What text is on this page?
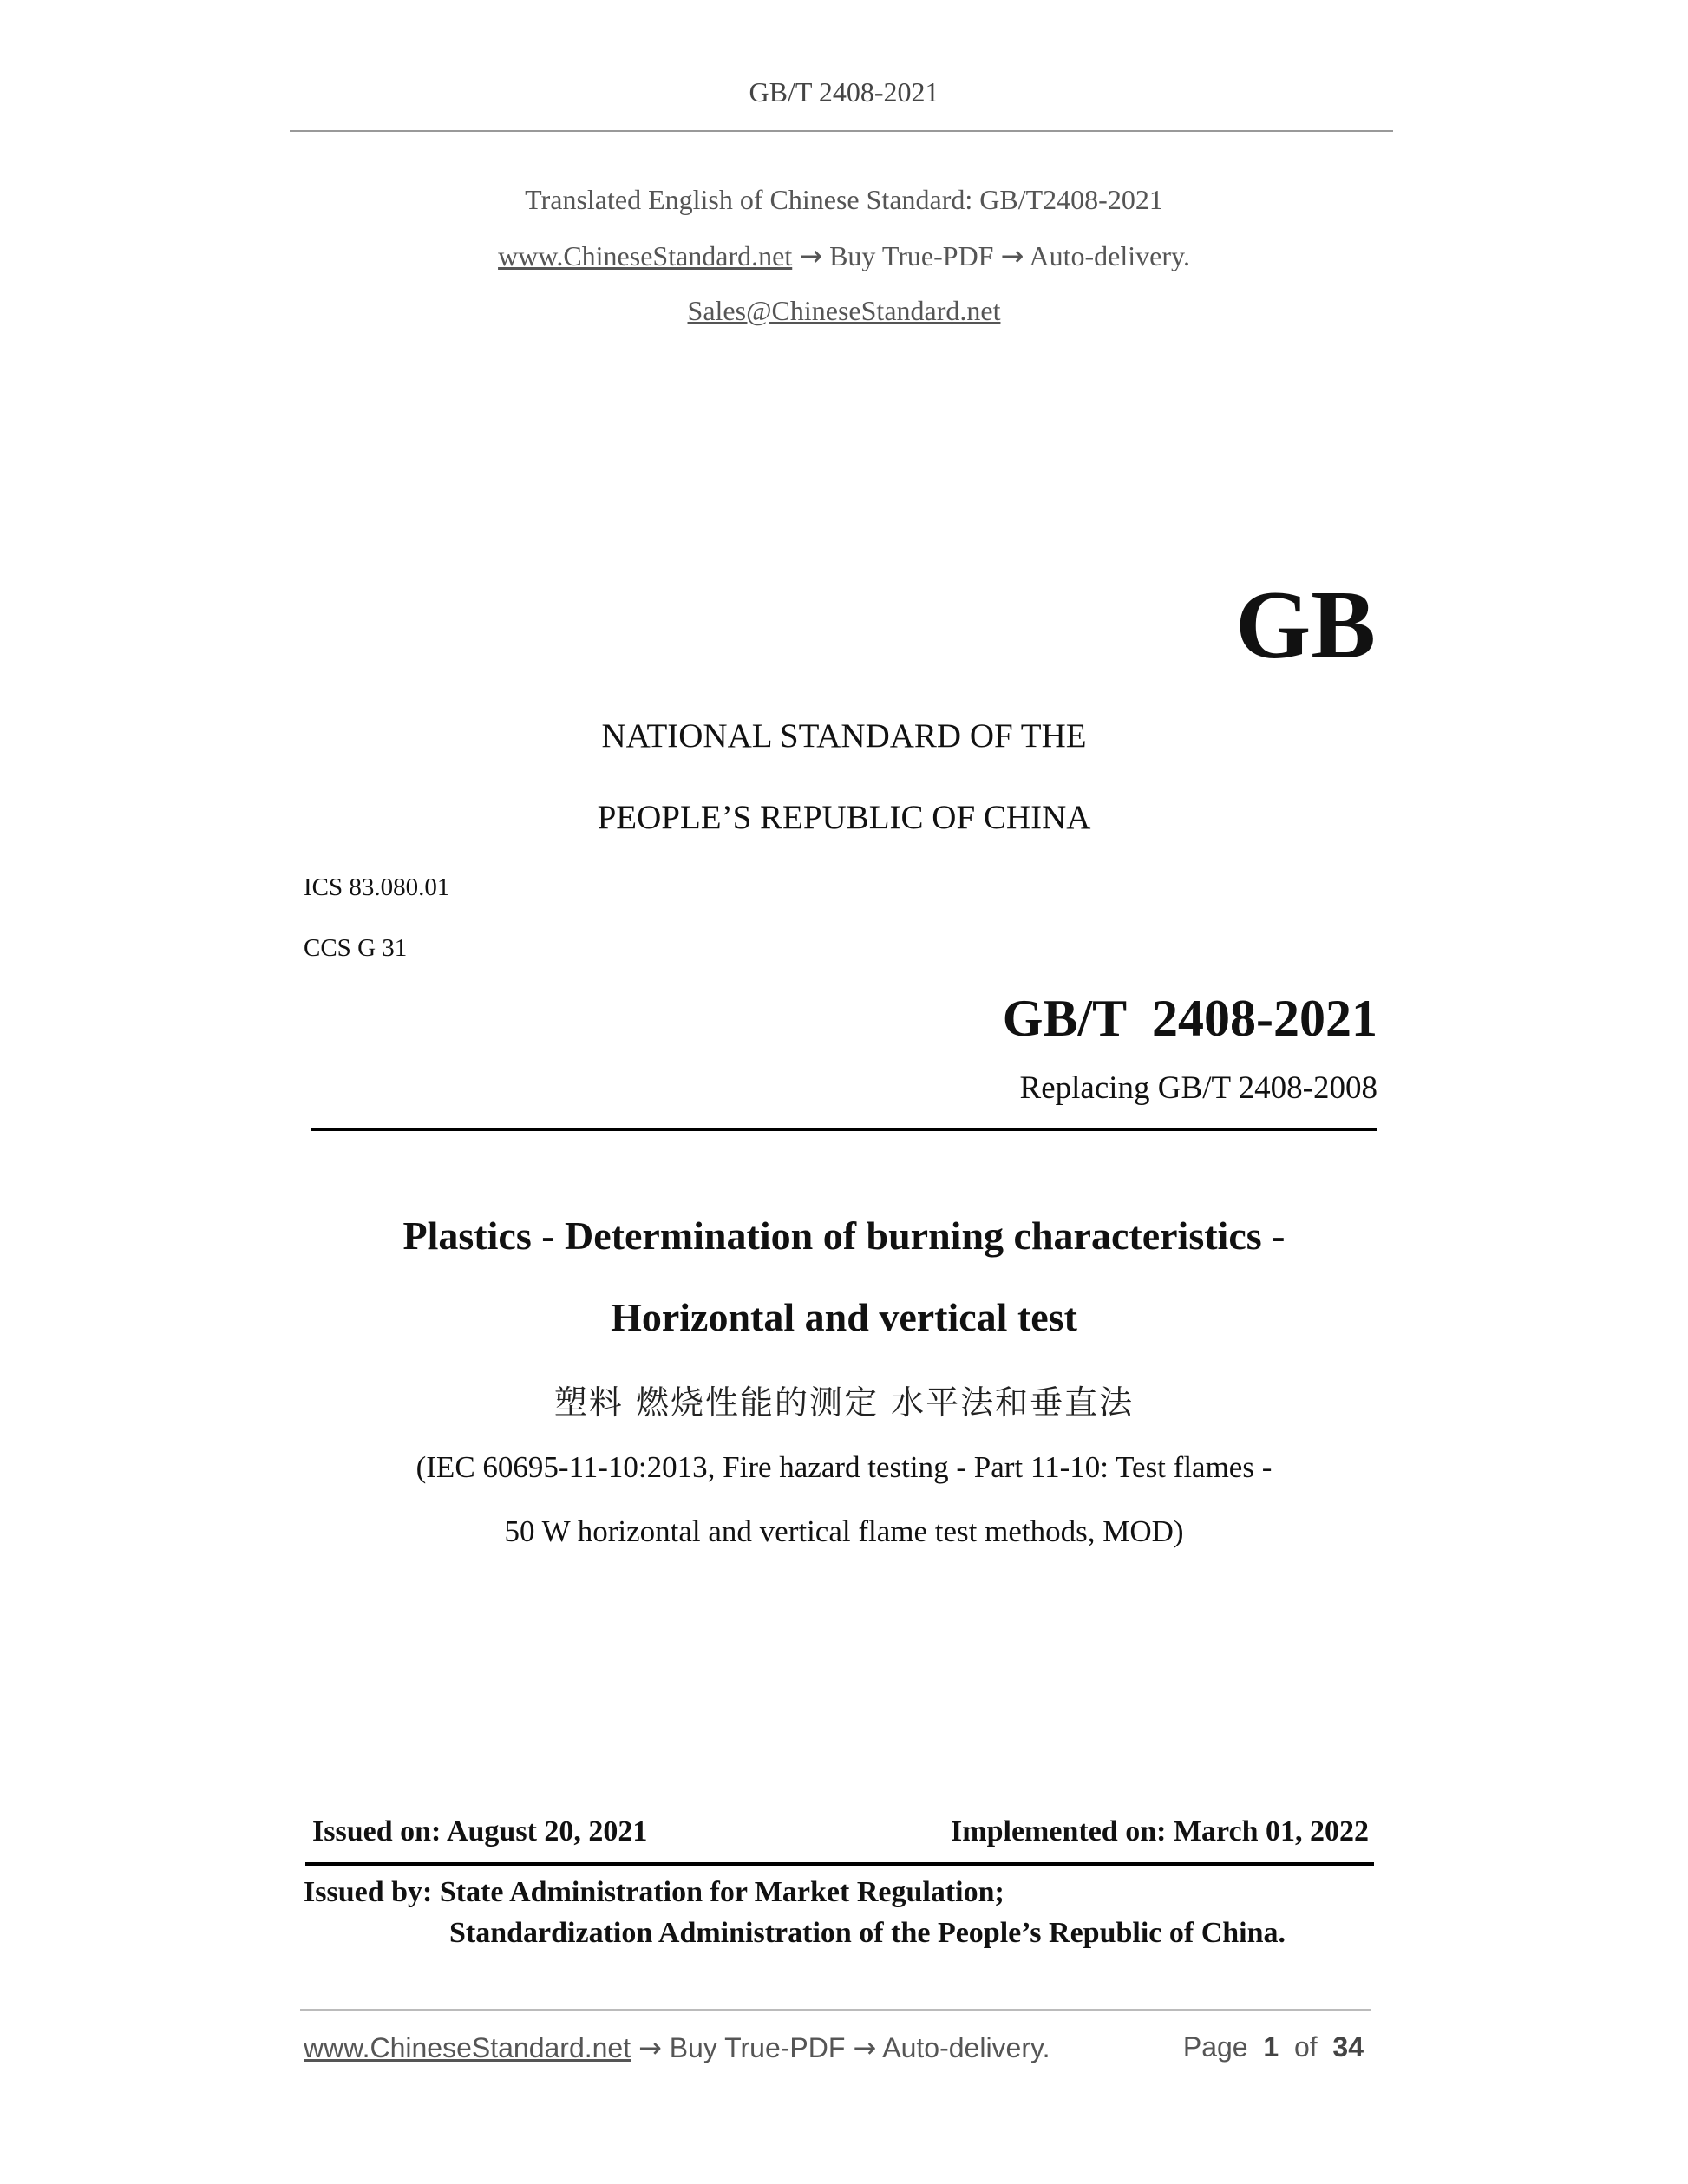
GB/T 2408-2021
Translated English of Chinese Standard: GB/T2408-2021
www.ChineseStandard.net → Buy True-PDF → Auto-delivery.
Sales@ChineseStandard.net
GB
NATIONAL STANDARD OF THE
PEOPLE’S REPUBLIC OF CHINA
ICS 83.080.01
CCS G 31
GB/T  2408-2021
Replacing GB/T 2408-2008
Plastics - Determination of burning characteristics -
Horizontal and vertical test
塑料 燃烧性能的测定 水平法和垂直法
(IEC 60695-11-10:2013, Fire hazard testing - Part 11-10: Test flames -
50 W horizontal and vertical flame test methods, MOD)
Issued on: August 20, 2021	Implemented on: March 01, 2022
Issued by: State Administration for Market Regulation;
Standardization Administration of the People’s Republic of China.
www.ChineseStandard.net → Buy True-PDF → Auto-delivery.	Page 1 of 34
